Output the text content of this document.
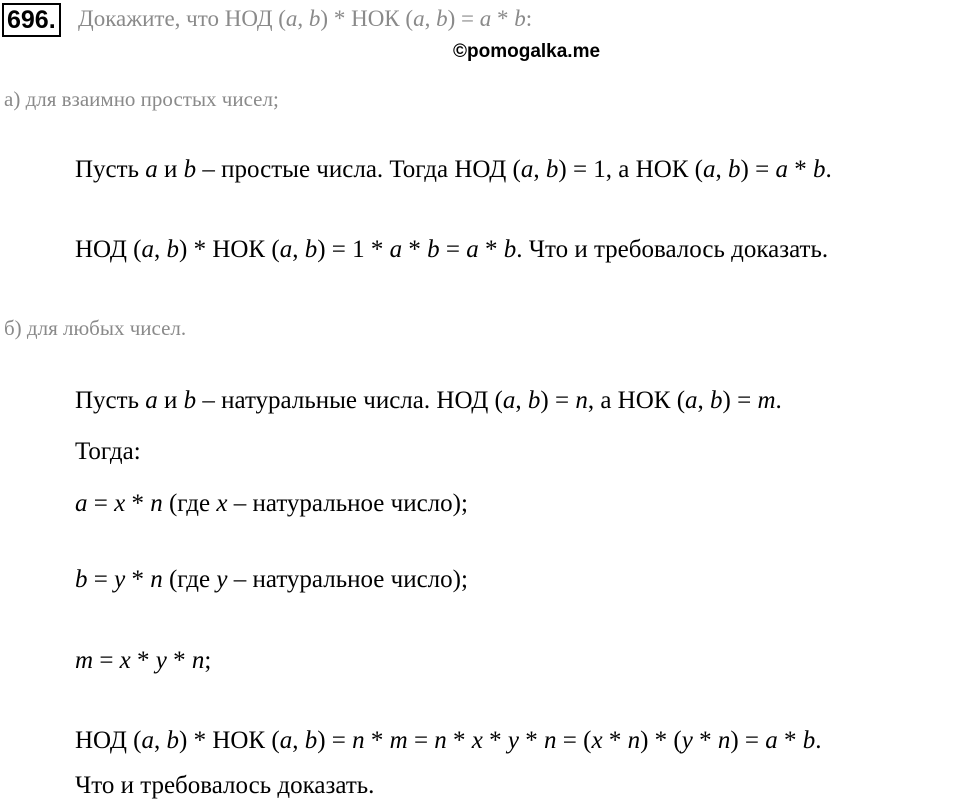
696. Докажите, что НОД (a, b) * НОК (a, b) = a * b:
©pomogalka.me
а) для взаимно простых чисел;
Пусть a и b – простые числа. Тогда НОД (a, b) = 1, а НОК (a, b) = a * b.
НОД (a, b) * НОК (a, b) = 1 * a * b = a * b. Что и требовалось доказать.
б) для любых чисел.
Пусть a и b – натуральные числа. НОД (a, b) = n, а НОК (a, b) = m.
Тогда:
a = x * n (где x – натуральное число);
b = y * n (где y – натуральное число);
m = x * y * n;
НОД (a, b) * НОК (a, b) = n * m = n * x * y * n = (x * n) * (y * n) = a * b.
Что и требовалось доказать.
